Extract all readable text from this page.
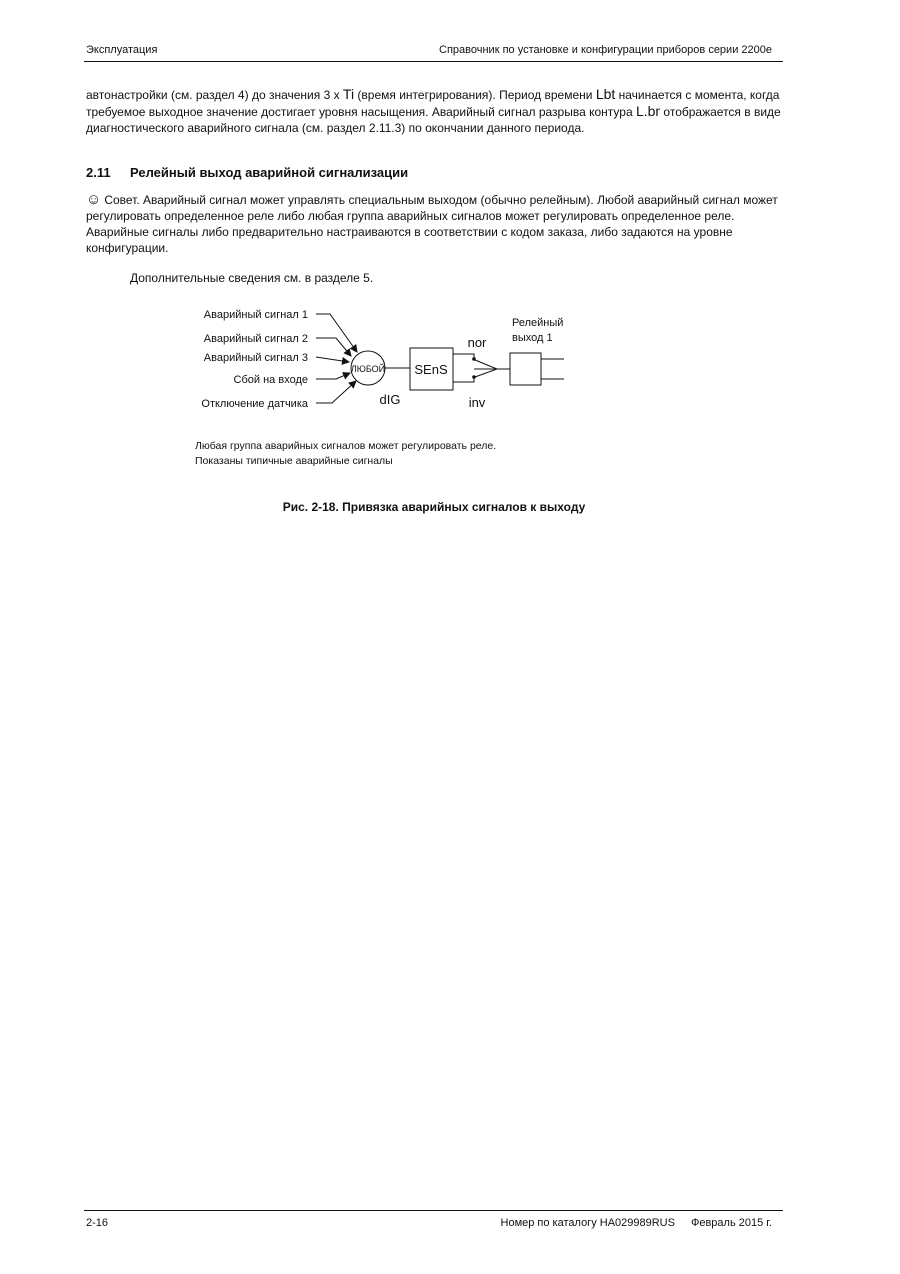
Эксплуатация	Справочник по установке и конфигурации приборов серии 2200е
автонастройки (см. раздел 4) до значения 3 x Ti (время интегрирования). Период времени Lbt начинается с момента, когда требуемое выходное значение достигает уровня насыщения. Аварийный сигнал разрыва контура L.br отображается в виде диагностического аварийного сигнала (см. раздел 2.11.3) по окончании данного периода.
2.11 Релейный выход аварийной сигнализации
☺ Совет. Аварийный сигнал может управлять специальным выходом (обычно релейным). Любой аварийный сигнал может регулировать определенное реле либо любая группа аварийных сигналов может регулировать определенное реле. Аварийные сигналы либо предварительно настраиваются в соответствии с кодом заказа, либо задаются на уровне конфигурации.
Дополнительные сведения см. в разделе 5.
Аварийный сигнал 1
Аварийный сигнал 2
Аварийный сигнал 3
Сбой на входе
Отключение датчика
ЛЮБОЙ SEnS
dIG
nor
inv
Релейный
выход 1
Любая группа аварийных сигналов может регулировать реле.
Показаны типичные аварийные сигналы
Рис. 2-18. Привязка аварийных сигналов к выходу
2-16	Номер по каталогу HA029989RUS Февраль 2015 г.
